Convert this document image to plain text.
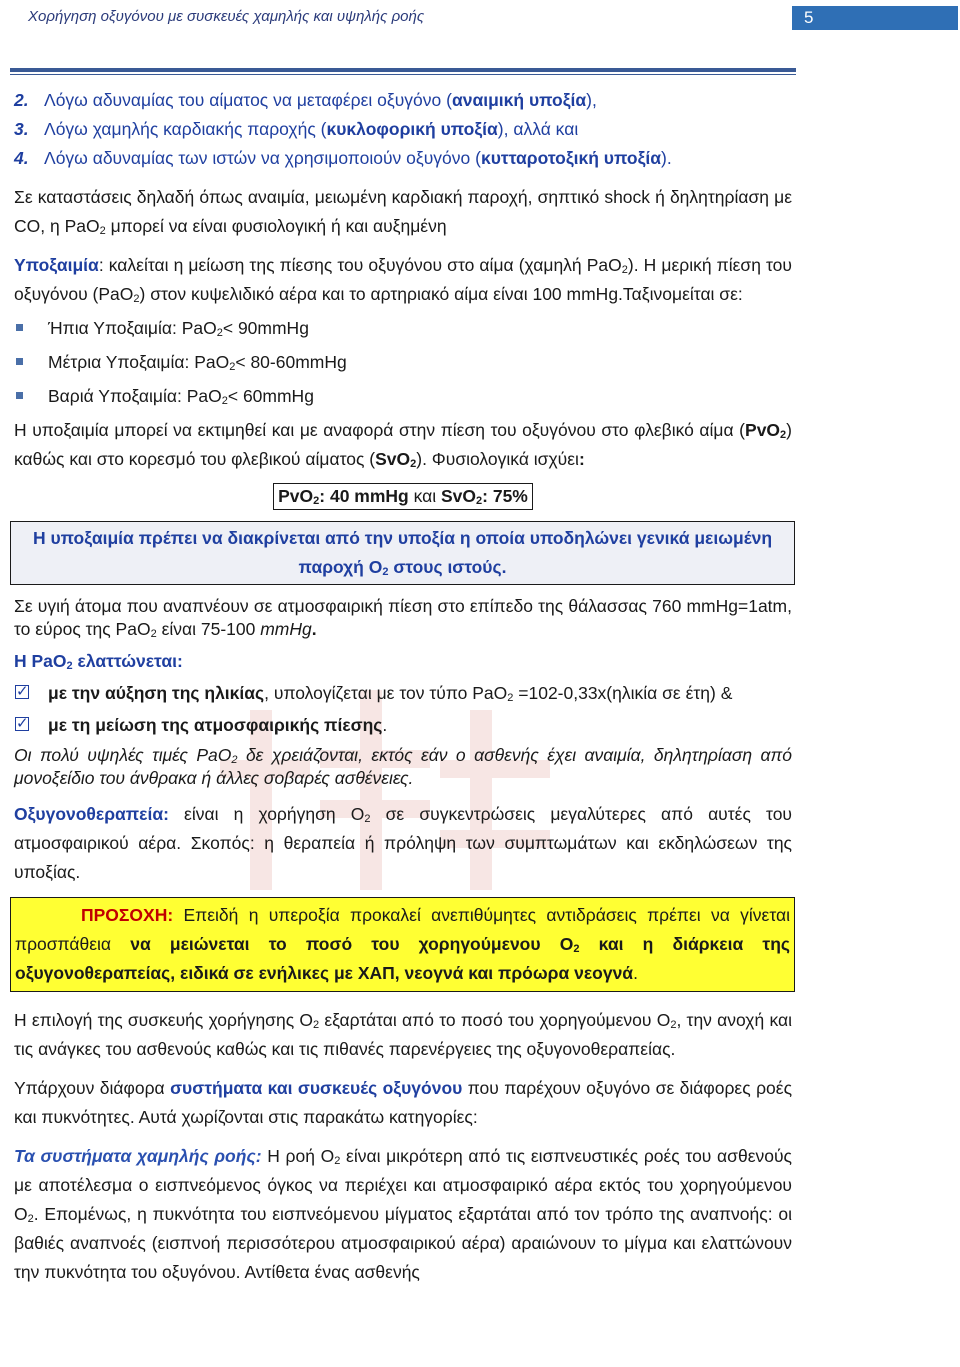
Χορήγηση οξυγόνου με συσκευές χαμηλής και υψηλής ροής	5

2. Λόγω αδυναμίας του αίματος να μεταφέρει οξυγόνο (αναιμική υποξία),

3. Λόγω χαμηλής καρδιακής παροχής (κυκλοφορική υποξία), αλλά και

4. Λόγω αδυναμίας των ιστών να χρησιμοποιούν οξυγόνο (κυτταροτοξική υποξία).

Σε καταστάσεις δηλαδή όπως αναιμία, μειωμένη καρδιακή παροχή, σηπτικό shock ή δηλητηρίαση με CO, η PaO$_2$ μπορεί να είναι φυσιολογική ή και αυξημένη

Υποξαιμία: καλείται η μείωση της πίεσης του οξυγόνου στο αίμα (χαμηλή PaO$_2$). Η μερική πίεση του οξυγόνου (PaO$_2$) στον κυψελιδικό αέρα και το αρτηριακό αίμα είναι 100 mmHg.Ταξινομείται σε:

Ήπια Υποξαιμία: PaO$_2$< 90mmHg
Μέτρια Υποξαιμία: PaO$_2$< 80-60mmHg
Βαριά Υποξαιμία: PaO$_2$< 60mmHg

Η υποξαιμία μπορεί να εκτιμηθεί και με αναφορά στην πίεση του οξυγόνου στο φλεβικό αίμα (PvO$_2$) καθώς και στο κορεσμό του φλεβικού αίματος (SvO$_2$). Φυσιολογικά ισχύει:

PvO$_2$: 40 mmHg και SvO$_2$: 75%
Η υποξαιμία πρέπει να διακρίνεται από την υποξία η οποία υποδηλώνει γενικά μειωμένη παροχή $O_2$ στους ιστούς.

Σε υγιή άτομα που αναπνέουν σε ατμοσφαιρική πίεση στο επίπεδο της θάλασσας 760 mmHg=1atm, το εύρος της PaO$_2$ είναι 75-100 mmHg.

Η PaO$_2$ ελαττώνεται:

✓
με την αύξηση της ηλικίας, υπολογίζεται με τον τύπο PaO$_2$ =102-0,33x(ηλικία σε έτη) &
✓
με τη μείωση της ατμοσφαιρικής πίεσης.

Οι πολύ υψηλές τιμές PaO$_2$ δε χρειάζονται, εκτός εάν ο ασθενής έχει αναιμία, δηλητηρίαση από μονοξείδιο του άνθρακα ή άλλες σοβαρές ασθένειες.

Οξυγονοθεραπεία: είναι η χορήγηση $O_2$ σε συγκεντρώσεις μεγαλύτερες από αυτές του ατμοσφαιρικού αέρα. Σκοπός: η θεραπεία ή πρόληψη των συμπτωμάτων και εκδηλώσεων της υποξίας.

ΠΡΟΣΟΧΗ: Επειδή η υπεροξία προκαλεί ανεπιθύμητες αντιδράσεις πρέπει να γίνεται προσπάθεια να μειώνεται το ποσό του χορηγούμενου $O_2$ και η διάρκεια της οξυγονοθεραπείας, ειδικά σε ενήλικες με ΧΑΠ, νεογνά και πρόωρα νεογνά.

Η επιλογή της συσκευής χορήγησης $O_2$ εξαρτάται από το ποσό του χορηγούμενου $O_2$, την ανοχή και τις ανάγκες του ασθενούς καθώς και τις πιθανές παρενέργειες της οξυγονοθεραπείας.

Υπάρχουν διάφορα συστήματα και συσκευές οξυγόνου που παρέχουν οξυγόνο σε διάφορες ροές και πυκνότητες. Αυτά χωρίζονται στις παρακάτω κατηγορίες:

Τα συστήματα χαμηλής ροής: Η ροή $O_2$ είναι μικρότερη από τις εισπνευστικές ροές του ασθενούς με αποτέλεσμα ο εισπνεόμενος όγκος να περιέχει και ατμοσφαιρικό αέρα εκτός του χορηγούμενου $O_2$. Επομένως, η πυκνότητα του εισπνεόμενου μίγματος εξαρτάται από τον τρόπο της αναπνοής: οι βαθιές αναπνοές (εισπνοή περισσότερου ατμοσφαιρικού αέρα) αραιώνουν το μίγμα και ελαττώνουν την πυκνότητα του οξυγόνου. Αντίθετα ένας ασθενής
